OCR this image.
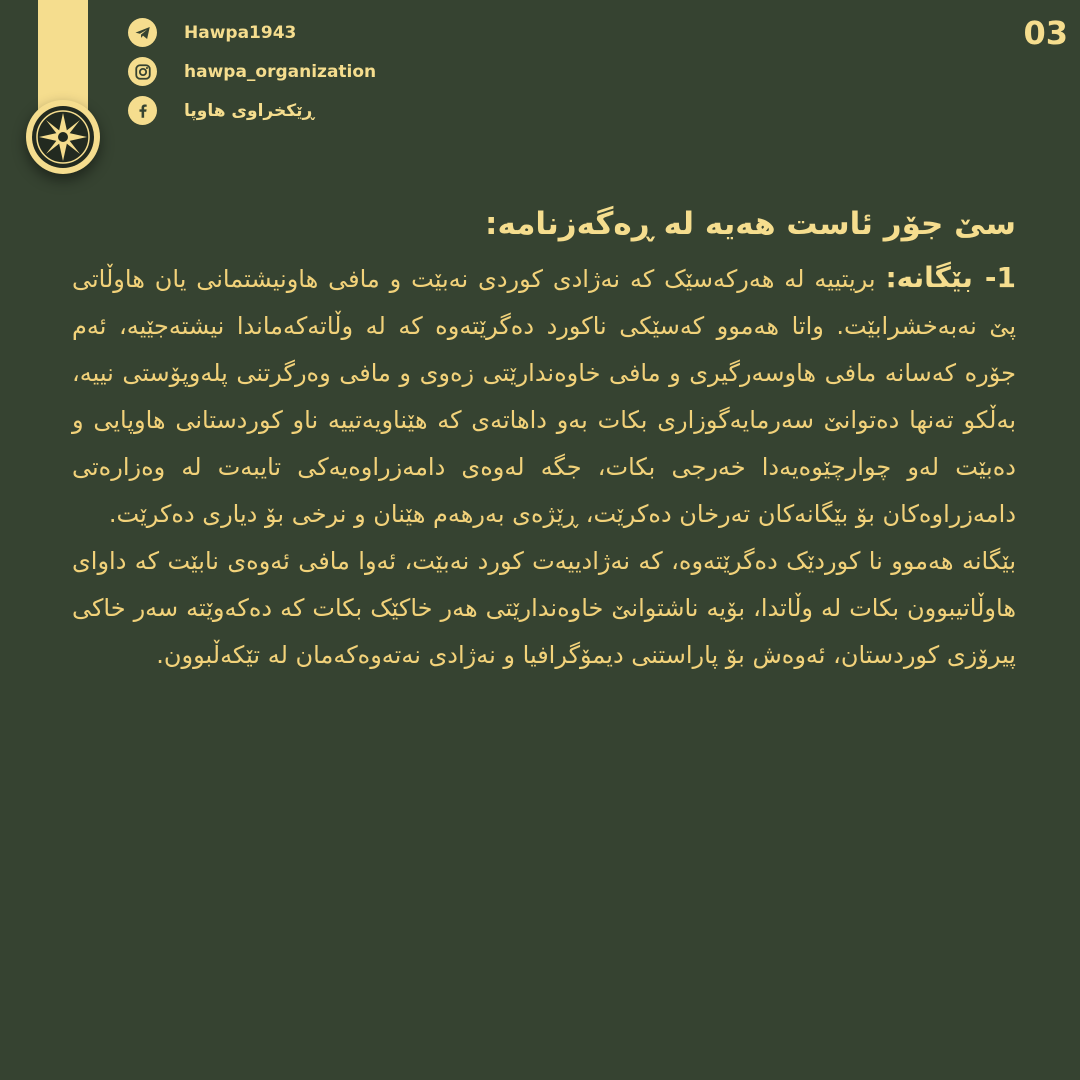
Hawpa1943
hawpa_organization
ڕێکخراوی هاوپا
03
سێ جۆر ئاست هەیە لە ڕەگەزنامە:

1- بێگانە: بریتییە لە هەرکەسێک کە نەژادی کوردی نەبێت و مافی هاونیشتمانی یان هاوڵاتی پێ نەبەخشرابێت. واتا هەموو کەسێکی ناکورد دەگرێتەوە کە لە وڵاتەکەماندا نیشتەجێیە، ئەم جۆرە کەسانە مافی هاوسەرگیری و مافی خاوەندارێتی زەوی و مافی وەرگرتنی پلەوپۆستی نییە، بەڵکو تەنها دەتوانێ سەرمایەگوزاری بکات بەو داهاتەی کە هێناویەتییە ناو کوردستانی هاوپایی و دەبێت لەو چوارچێوەیەدا خەرجی بکات، جگە لەوەی دامەزراوەیەکی تایبەت لە وەزارەتی دامەزراوەکان بۆ بێگانەکان تەرخان دەکرێت، ڕێژەی بەرهەم هێنان و نرخی بۆ دیاری دەکرێت.

بێگانە هەموو نا کوردێک دەگرێتەوە، کە نەژادییەت کورد نەبێت، ئەوا مافی ئەوەی نابێت کە داوای هاوڵاتیبوون بکات لە وڵاتدا، بۆیە ناشتوانێ خاوەندارێتی هەر خاکێک بکات کە دەکەوێتە سەر خاکی پیرۆزی کوردستان، ئەوەش بۆ پاراستنی دیمۆگرافیا و نەژادی نەتەوەکەمان لە تێکەڵبوون.
